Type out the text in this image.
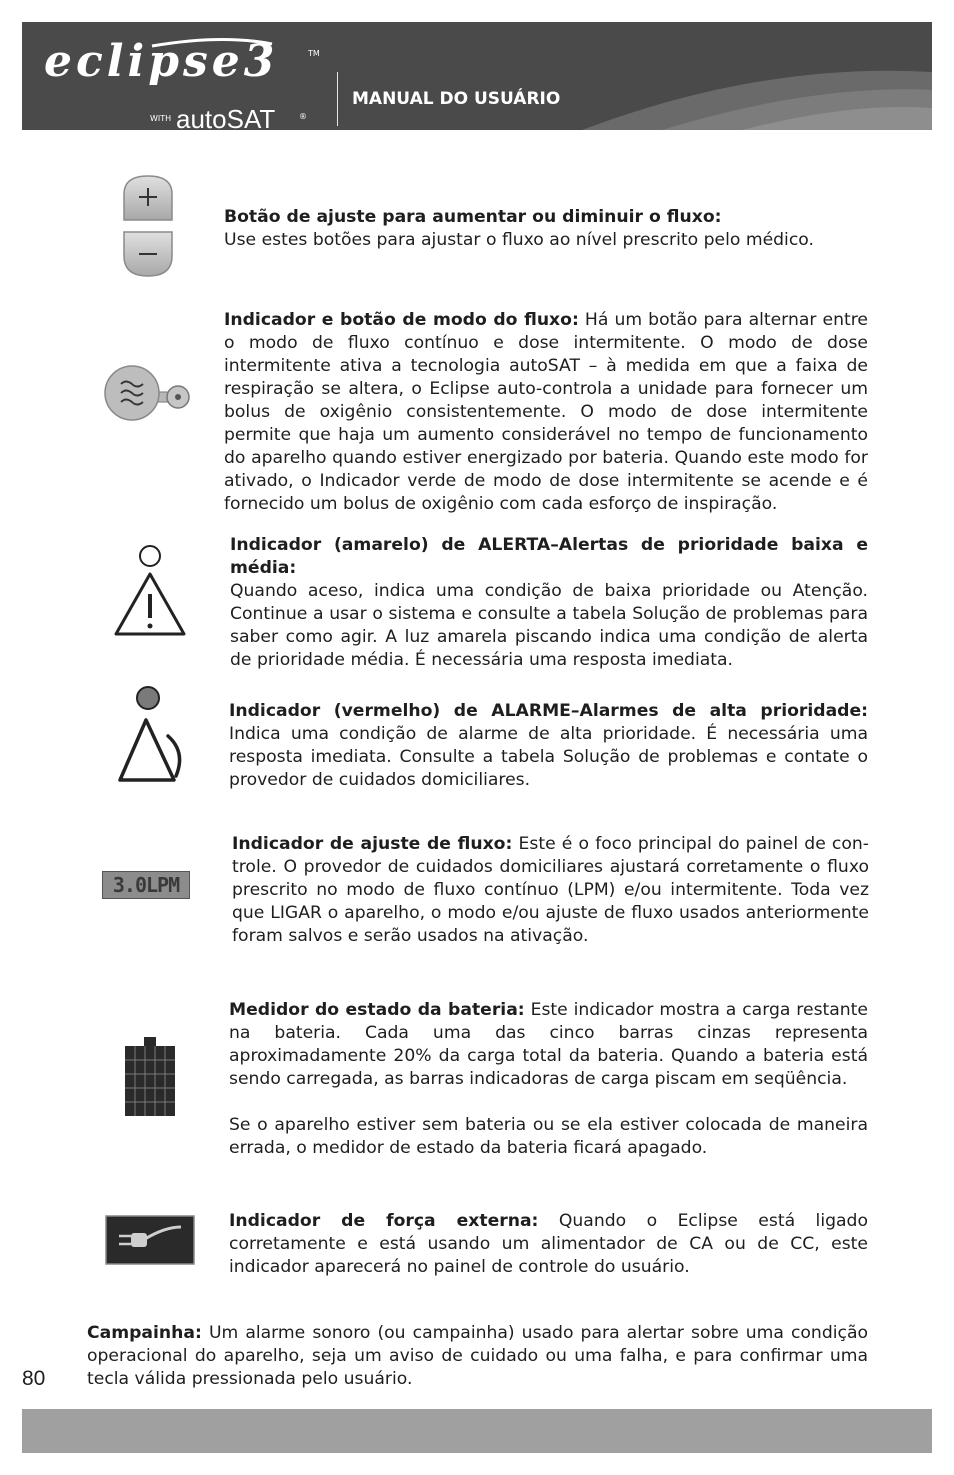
eclipse3	TM
WITH autoSAT	®
MANUAL DO USUÁRIO

Botão de ajuste para aumentar ou diminuir o fluxo:
Use estes botões para ajustar o fluxo ao nível prescrito pelo médico.

Indicador e botão de modo do fluxo: Há um botão para alternar entre o modo de fluxo contínuo e dose intermitente. O modo de dose intermitente ativa a tecnologia autoSAT – à medida em que a faixa de respiração se altera, o Eclipse auto-controla a unidade para fornecer um bolus de oxigênio consistentemente. O modo de dose intermitente permite que haja um aumento considerável no tempo de funcionamento do aparelho quando estiver energizado por bateria. Quando este modo for ativado, o Indicador verde de modo de dose intermitente se acende e é fornecido um bolus de oxigênio com cada esforço de inspiração.

Indicador (amarelo) de ALERTA–Alertas de prioridade baixa e média:
Quando aceso, indica uma condição de baixa prioridade ou Atenção. Continue a usar o sistema e consulte a tabela Solução de problemas para saber como agir. A luz amarela piscando indica uma condição de alerta de prioridade média. É necessária uma resposta imediata.

Indicador (vermelho) de ALARME–Alarmes de alta prioridade: Indica uma condição de alarme de alta prioridade. É necessária uma resposta imediata. Consulte a tabela Solução de problemas e contate o provedor de cuidados domiciliares.

3.0LPM

Indicador de ajuste de fluxo: Este é o foco principal do painel de con-trole. O provedor de cuidados domiciliares ajustará corretamente o fluxo prescrito no modo de fluxo contínuo (LPM) e/ou intermitente. Toda vez que LIGAR o aparelho, o modo e/ou ajuste de fluxo usados anteriormente foram salvos e serão usados na ativação.

Medidor do estado da bateria: Este indicador mostra a carga restante na bateria. Cada uma das cinco barras cinzas representa aproximadamente 20% da carga total da bateria. Quando a bateria está sendo carregada, as barras indicadoras de carga piscam em seqüência.

Se o aparelho estiver sem bateria ou se ela estiver colocada de maneira errada, o medidor de estado da bateria ficará apagado.

Indicador de força externa: Quando o Eclipse está ligado corretamente e está usando um alimentador de CA ou de CC, este indicador aparecerá no painel de controle do usuário.

Campainha: Um alarme sonoro (ou campainha) usado para alertar sobre uma condição operacional do aparelho, seja um aviso de cuidado ou uma falha, e para confirmar uma tecla válida pressionada pelo usuário.

80
